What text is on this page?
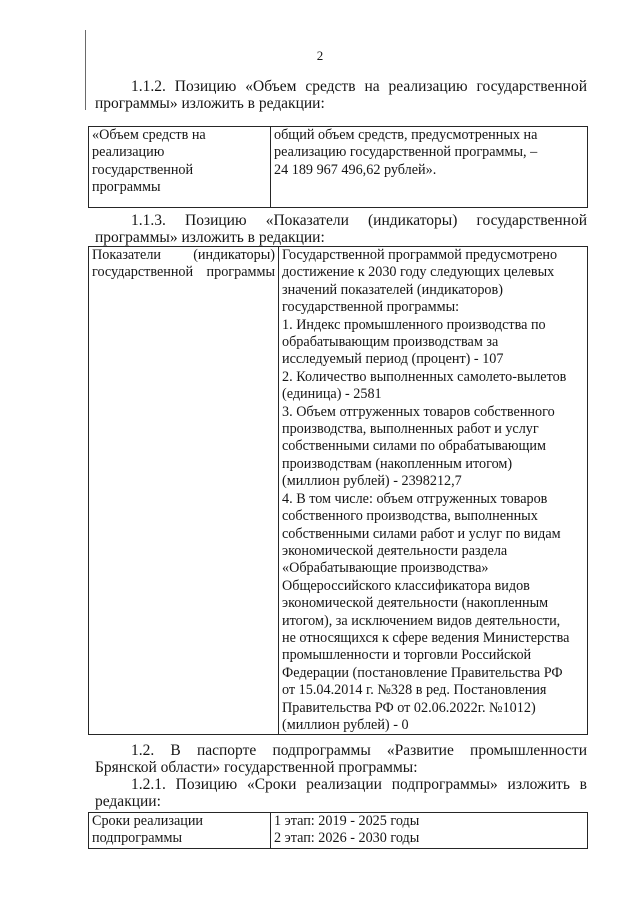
2
1.1.2. Позицию «Объем средств на реализацию государственной программы» изложить в редакции:
«Объем средств на
реализацию
государственной
программы	общий объем средств, предусмотренных на
реализацию государственной программы, –
24 189 967 496,62 рублей».
1.1.3. Позицию «Показатели (индикаторы) государственной программы» изложить в редакции:
Показатели (индикаторы)
государственной программы	Государственной программой предусмотрено
достижение к 2030 году следующих целевых
значений показателей (индикаторов)
государственной программы:
1. Индекс промышленного производства по
обрабатывающим производствам за
исследуемый период (процент) - 107
2. Количество выполненных самолето-вылетов
(единица) - 2581
3. Объем отгруженных товаров собственного
производства, выполненных работ и услуг
собственными силами по обрабатывающим
производствам (накопленным итогом)
(миллион рублей) - 2398212,7
4. В том числе: объем отгруженных товаров
собственного производства, выполненных
собственными силами работ и услуг по видам
экономической деятельности раздела
«Обрабатывающие производства»
Общероссийского классификатора видов
экономической деятельности (накопленным
итогом), за исключением видов деятельности,
не относящихся к сфере ведения Министерства
промышленности и торговли Российской
Федерации (постановление Правительства РФ
от 15.04.2014 г. №328 в ред. Постановления
Правительства РФ от 02.06.2022г. №1012)
(миллион рублей) - 0
1.2. В паспорте подпрограммы «Развитие промышленности Брянской области» государственной программы:
1.2.1. Позицию «Сроки реализации подпрограммы» изложить в редакции:
Сроки реализации
подпрограммы	1 этап: 2019 - 2025 годы
2 этап: 2026 - 2030 годы
